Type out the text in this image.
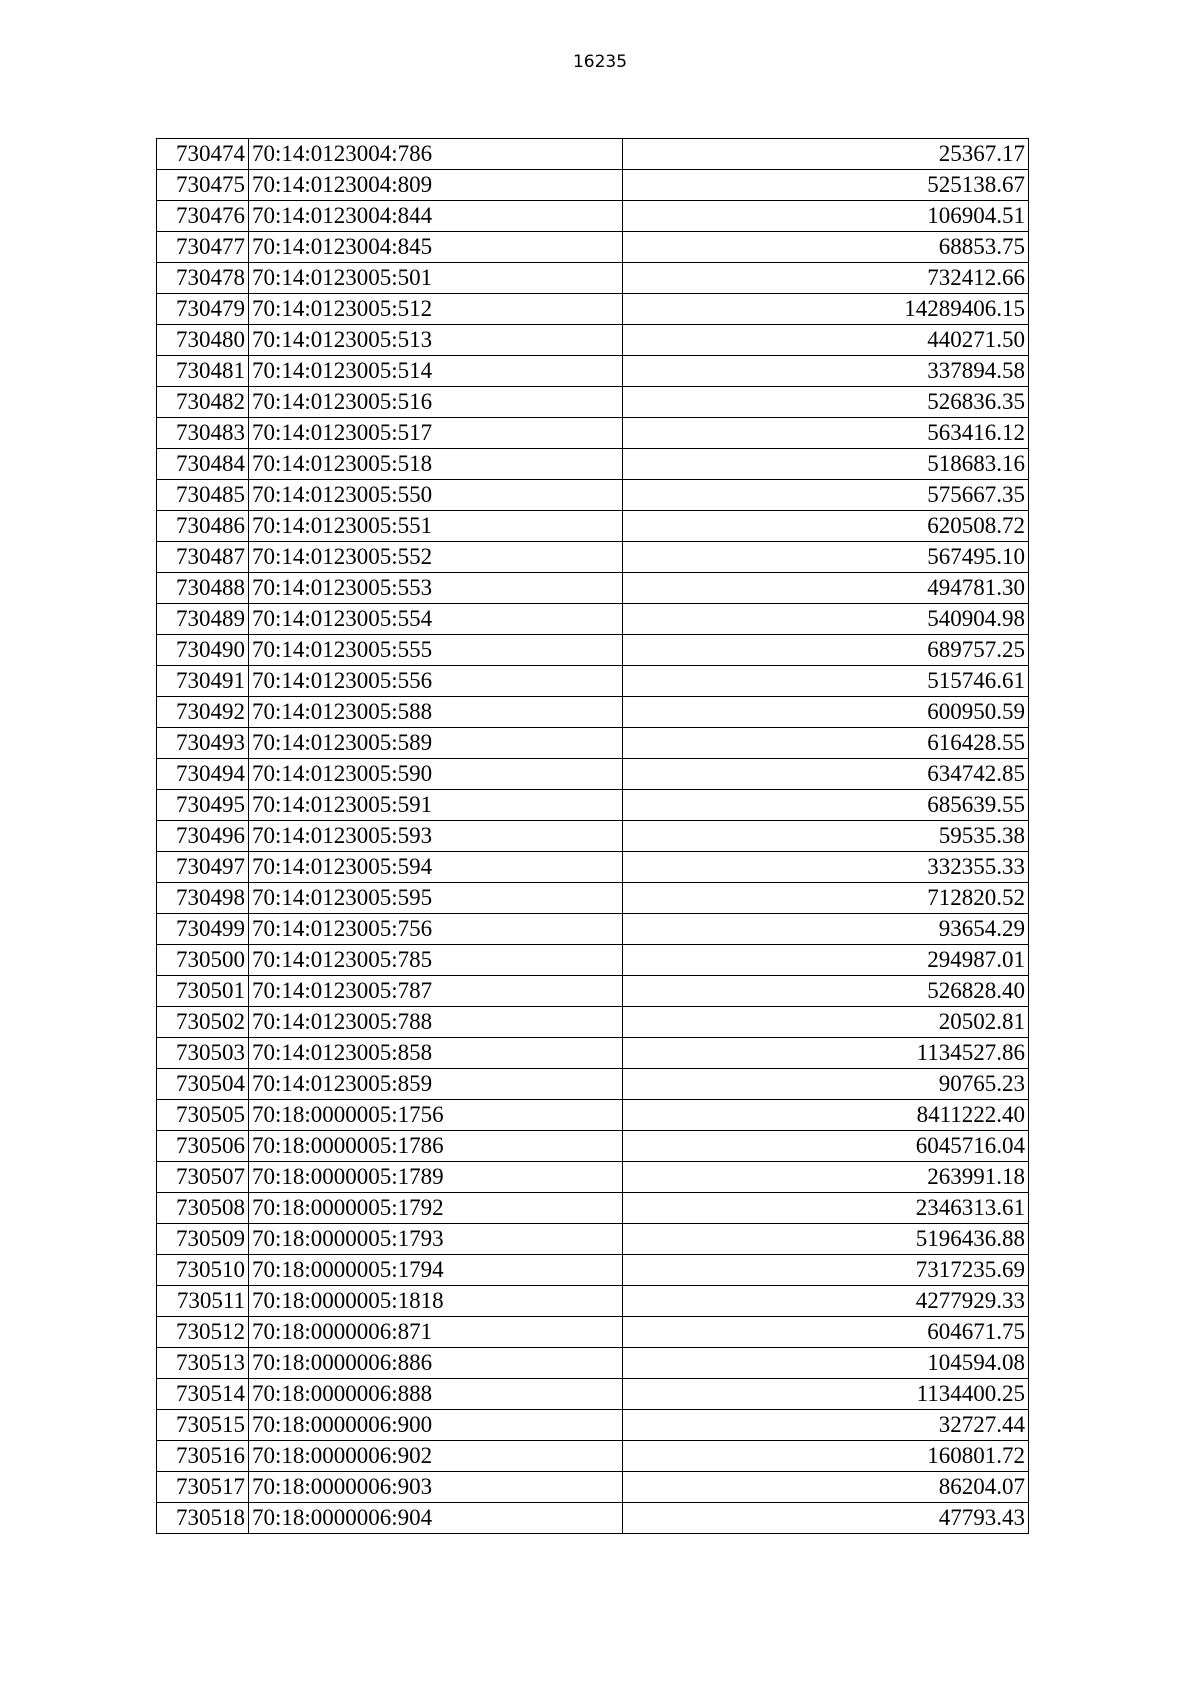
16235
730474	70:14:0123004:786	25367.17
730475	70:14:0123004:809	525138.67
730476	70:14:0123004:844	106904.51
730477	70:14:0123004:845	68853.75
730478	70:14:0123005:501	732412.66
730479	70:14:0123005:512	14289406.15
730480	70:14:0123005:513	440271.50
730481	70:14:0123005:514	337894.58
730482	70:14:0123005:516	526836.35
730483	70:14:0123005:517	563416.12
730484	70:14:0123005:518	518683.16
730485	70:14:0123005:550	575667.35
730486	70:14:0123005:551	620508.72
730487	70:14:0123005:552	567495.10
730488	70:14:0123005:553	494781.30
730489	70:14:0123005:554	540904.98
730490	70:14:0123005:555	689757.25
730491	70:14:0123005:556	515746.61
730492	70:14:0123005:588	600950.59
730493	70:14:0123005:589	616428.55
730494	70:14:0123005:590	634742.85
730495	70:14:0123005:591	685639.55
730496	70:14:0123005:593	59535.38
730497	70:14:0123005:594	332355.33
730498	70:14:0123005:595	712820.52
730499	70:14:0123005:756	93654.29
730500	70:14:0123005:785	294987.01
730501	70:14:0123005:787	526828.40
730502	70:14:0123005:788	20502.81
730503	70:14:0123005:858	1134527.86
730504	70:14:0123005:859	90765.23
730505	70:18:0000005:1756	8411222.40
730506	70:18:0000005:1786	6045716.04
730507	70:18:0000005:1789	263991.18
730508	70:18:0000005:1792	2346313.61
730509	70:18:0000005:1793	5196436.88
730510	70:18:0000005:1794	7317235.69
730511	70:18:0000005:1818	4277929.33
730512	70:18:0000006:871	604671.75
730513	70:18:0000006:886	104594.08
730514	70:18:0000006:888	1134400.25
730515	70:18:0000006:900	32727.44
730516	70:18:0000006:902	160801.72
730517	70:18:0000006:903	86204.07
730518	70:18:0000006:904	47793.43
